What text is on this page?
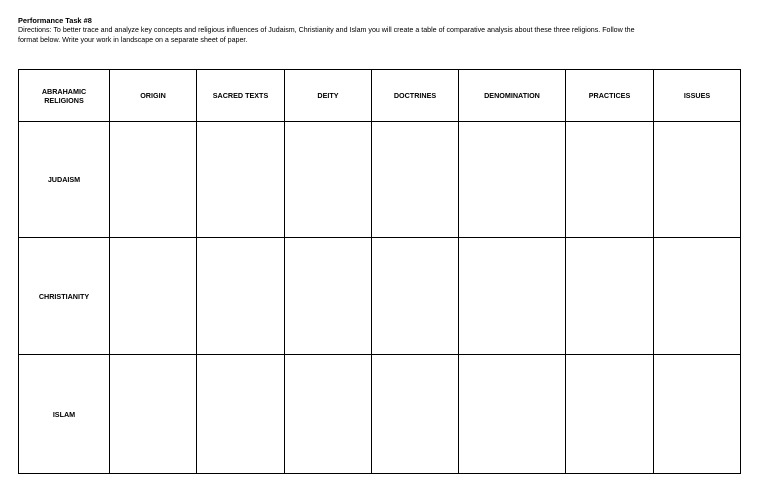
Performance Task #8

Directions: To better trace and analyze key concepts and religious influences of Judaism, Christianity and Islam you will create a table of comparative analysis about these three religions. Follow the

format below. Write your work in landscape on a separate sheet of paper.

ABRAHAMIC
RELIGIONS	ORIGIN	SACRED TEXTS	DEITY	DOCTRINES	DENOMINATION	PRACTICES	ISSUES
JUDAISM							
CHRISTIANITY							
ISLAM							
